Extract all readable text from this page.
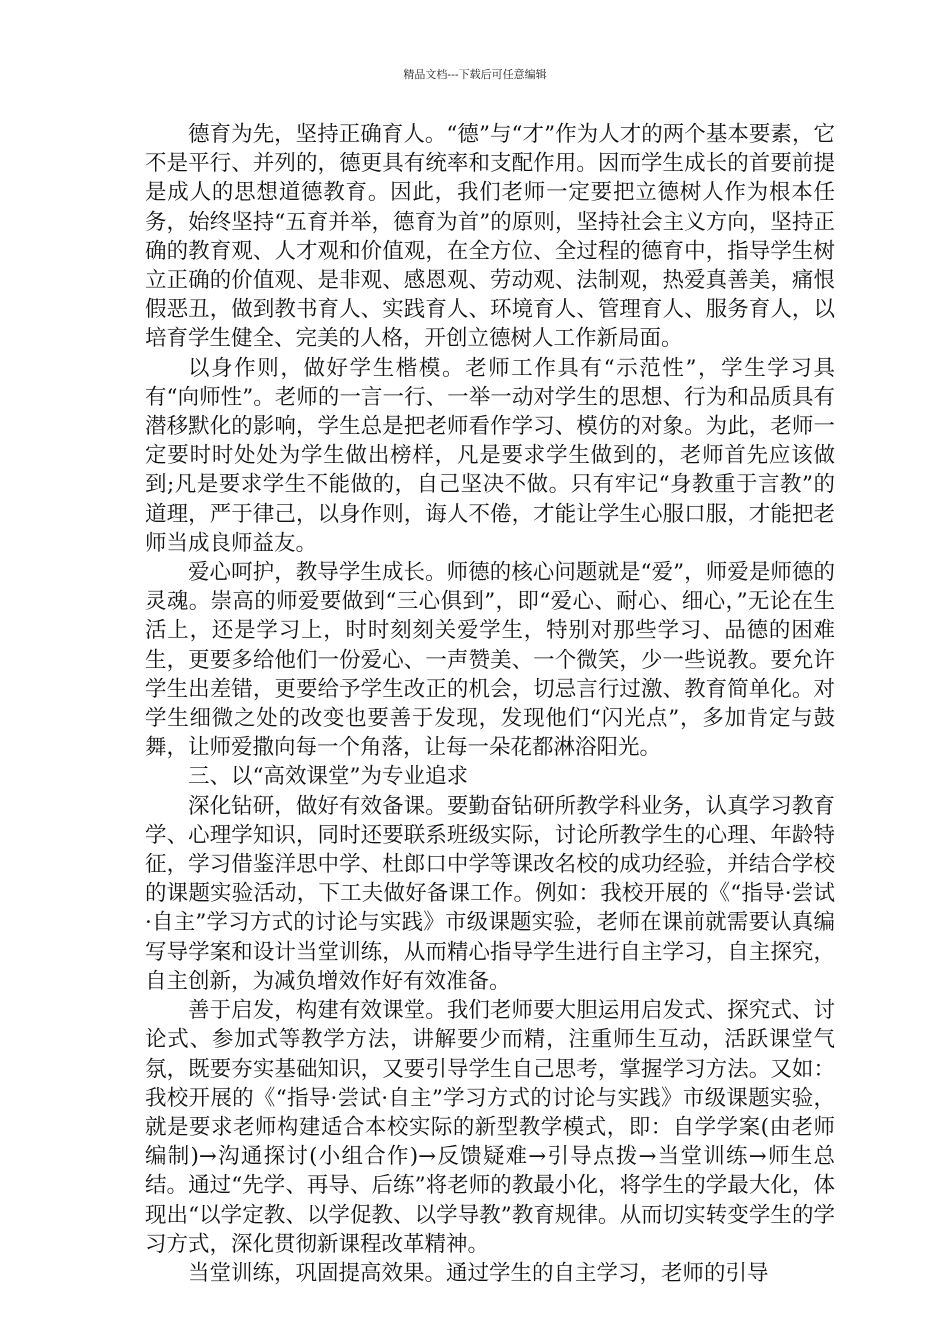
精品文档---下载后可任意编辑

德育为先，坚持正确育人。“德”与“才”作为人才的两个基本要素，它不是平行、并列的，德更具有统率和支配作用。因而学生成长的首要前提是成人的思想道德教育。因此，我们老师一定要把立德树人作为根本任务，始终坚持“五育并举，德育为首”的原则，坚持社会主义方向，坚持正确的教育观、人才观和价值观，在全方位、全过程的德育中，指导学生树立正确的价值观、是非观、感恩观、劳动观、法制观，热爱真善美，痛恨假恶丑，做到教书育人、实践育人、环境育人、管理育人、服务育人，以培育学生健全、完美的人格，开创立德树人工作新局面。

以身作则，做好学生楷模。老师工作具有“示范性”，学生学习具有“向师性”。老师的一言一行、一举一动对学生的思想、行为和品质具有潜移默化的影响，学生总是把老师看作学习、模仿的对象。为此，老师一定要时时处处为学生做出榜样，凡是要求学生做到的，老师首先应该做到;凡是要求学生不能做的，自己坚决不做。只有牢记“身教重于言教”的道理，严于律己，以身作则，诲人不倦，才能让学生心服口服，才能把老师当成良师益友。

爱心呵护，教导学生成长。师德的核心问题就是“爱”，师爱是师德的灵魂。崇高的师爱要做到“三心俱到”，即“爱心、耐心、细心，”无论在生活上，还是学习上，时时刻刻关爱学生，特别对那些学习、品德的困难生，更要多给他们一份爱心、一声赞美、一个微笑，少一些说教。要允许学生出差错，更要给予学生改正的机会，切忌言行过激、教育简单化。对学生细微之处的改变也要善于发现，发现他们“闪光点”，多加肯定与鼓舞，让师爱撒向每一个角落，让每一朵花都淋浴阳光。

三、以“高效课堂”为专业追求

深化钻研，做好有效备课。要勤奋钻研所教学科业务，认真学习教育学、心理学知识，同时还要联系班级实际，讨论所教学生的心理、年龄特征，学习借鉴洋思中学、杜郎口中学等课改名校的成功经验，并结合学校的课题实验活动，下工夫做好备课工作。例如：我校开展的《“指导·尝试·自主”学习方式的讨论与实践》市级课题实验，老师在课前就需要认真编写导学案和设计当堂训练，从而精心指导学生进行自主学习，自主探究，自主创新，为减负增效作好有效准备。

善于启发，构建有效课堂。我们老师要大胆运用启发式、探究式、讨论式、参加式等教学方法，讲解要少而精，注重师生互动，活跃课堂气氛，既要夯实基础知识，又要引导学生自己思考，掌握学习方法。又如：我校开展的《“指导·尝试·自主”学习方式的讨论与实践》市级课题实验，就是要求老师构建适合本校实际的新型教学模式，即：自学学案(由老师编制)→沟通探讨(小组合作)→反馈疑难→引导点拨→当堂训练→师生总结。通过“先学、再导、后练”将老师的教最小化，将学生的学最大化，体现出“以学定教、以学促教、以学导教”教育规律。从而切实转变学生的学习方式，深化贯彻新课程改革精神。

当堂训练，巩固提高效果。通过学生的自主学习，老师的引导
